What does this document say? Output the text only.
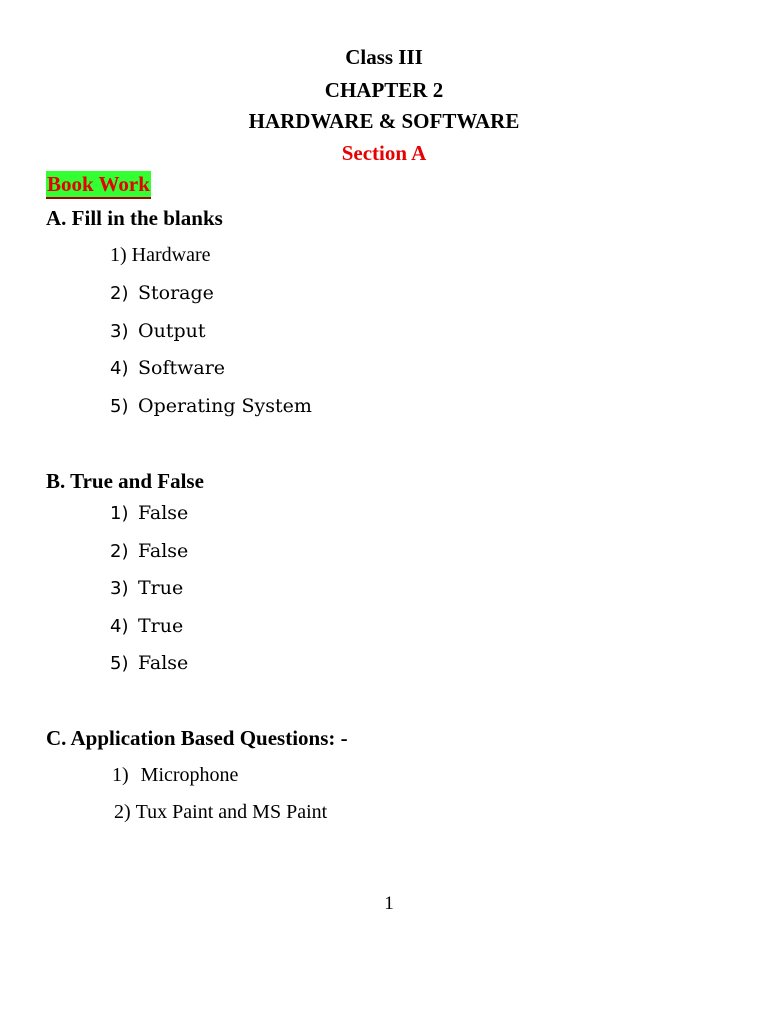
Class III
CHAPTER 2
HARDWARE & SOFTWARE
Section A
Book Work
A. Fill in the blanks
1) Hardware
2) Storage
3) Output
4) Software
5) Operating System
B. True and False
1) False
2) False
3) True
4) True
5) False
C. Application Based Questions: -
1) Microphone
2) Tux Paint and MS Paint
1
